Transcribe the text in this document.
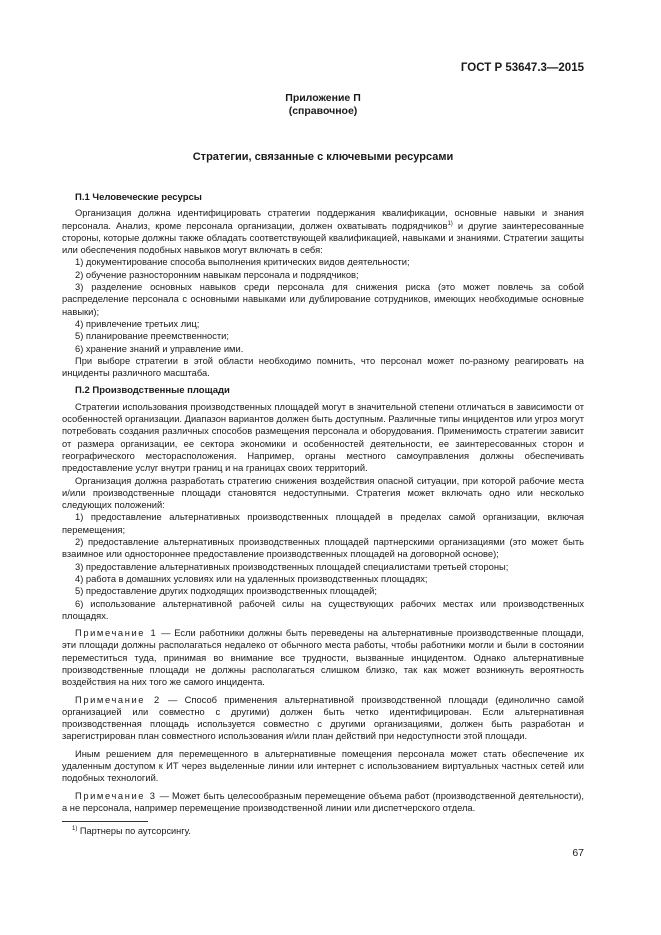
ГОСТ Р 53647.3—2015
Приложение П
(справочное)
Стратегии, связанные с ключевыми ресурсами
П.1 Человеческие ресурсы

Организация должна идентифицировать стратегии поддержания квалификации, основные навыки и знания персонала. Анализ, кроме персонала организации, должен охватывать подрядчиков$^{1)}$ и другие заинтересованные стороны, которые должны также обладать соответствующей квалификацией, навыками и знаниями. Стратегии защиты или обеспечения подобных навыков могут включать в себя:

1) документирование способа выполнения критических видов деятельности;

2) обучение разносторонним навыкам персонала и подрядчиков;

3) разделение основных навыков среди персонала для снижения риска (это может повлечь за собой распределение персонала с основными навыками или дублирование сотрудников, имеющих необходимые основные навыки);

4) привлечение третьих лиц;

5) планирование преемственности;

6) хранение знаний и управление ими.

При выборе стратегии в этой области необходимо помнить, что персонал может по-разному реагировать на инциденты различного масштаба.

П.2 Производственные площади

Стратегии использования производственных площадей могут в значительной степени отличаться в зависимости от особенностей организации. Диапазон вариантов должен быть доступным. Различные типы инцидентов или угроз могут потребовать создания различных способов размещения персонала и оборудования. Применимость стратегии зависит от размера организации, ее сектора экономики и особенностей деятельности, ее заинтересованных сторон и географического месторасположения. Например, органы местного самоуправления должны обеспечивать предоставление услуг внутри границ и на границах своих территорий.

Организация должна разработать стратегию снижения воздействия опасной ситуации, при которой рабочие места и/или производственные площади становятся недоступными. Стратегия может включать одно или несколько следующих положений:

1) предоставление альтернативных производственных площадей в пределах самой организации, включая перемещения;

2) предоставление альтернативных производственных площадей партнерскими организациями (это может быть взаимное или одностороннее предоставление производственных площадей на договорной основе);

3) предоставление альтернативных производственных площадей специалистами третьей стороны;

4) работа в домашних условиях или на удаленных производственных площадях;

5) предоставление других подходящих производственных площадей;

6) использование альтернативной рабочей силы на существующих рабочих местах или производственных площадях.

Примечание 1 — Если работники должны быть переведены на альтернативные производственные площади, эти площади должны располагаться недалеко от обычного места работы, чтобы работники могли и были в состоянии переместиться туда, принимая во внимание все трудности, вызванные инцидентом. Однако альтернативные производственные площади не должны располагаться слишком близко, так как может возникнуть вероятность воздействия на них того же самого инцидента.

Примечание 2 — Способ применения альтернативной производственной площади (единолично самой организацией или совместно с другими) должен быть четко идентифицирован. Если альтернативная производственная площадь используется совместно с другими организациями, должен быть разработан и зарегистрирован план совместного использования и/или план действий при недоступности этой площади.

Иным решением для перемещенного в альтернативные помещения персонала может стать обеспечение их удаленным доступом к ИТ через выделенные линии или интернет с использованием виртуальных частных сетей или подобных технологий.

Примечание 3 — Может быть целесообразным перемещение объема работ (производственной деятельности), а не персонала, например перемещение производственной линии или диспетчерского отдела.

$^{1)}$ Партнеры по аутсорсингу.
67
